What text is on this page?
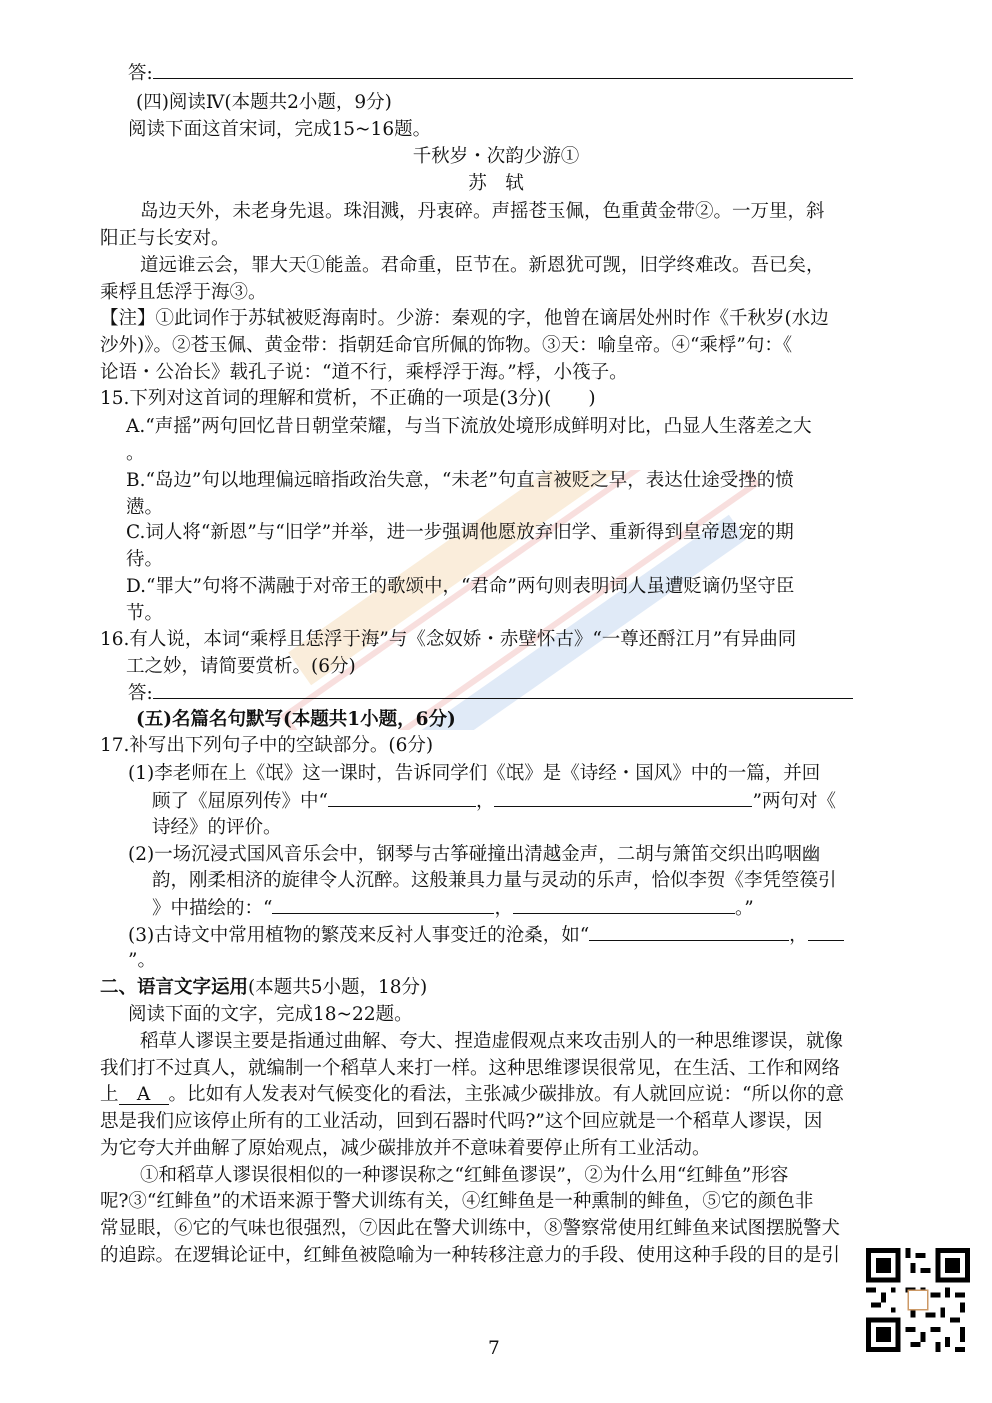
答:
(四)阅读Ⅳ(本题共2小题，9分)
阅读下面这首宋词，完成15~16题。
千秋岁・次韵少游①
苏　轼
岛边天外，未老身先退。珠泪溅，丹衷碎。声摇苍玉佩，色重黄金带②。一万里，斜
阳正与长安对。
道远谁云会，罪大天①能盖。君命重，臣节在。新恩犹可觊，旧学终难改。吾已矣，
乘桴且恁浮于海③。
【注】①此词作于苏轼被贬海南时。少游：秦观的字，他曾在谪居处州时作《千秋岁(水边
沙外)》。②苍玉佩、黄金带：指朝廷命官所佩的饰物。③天：喻皇帝。④“乘桴”句：《
论语・公冶长》载孔子说：“道不行，乘桴浮于海。”桴，小筏子。
15.下列对这首词的理解和赏析，不正确的一项是(3分)(　　)
A.“声摇”两句回忆昔日朝堂荣耀，与当下流放处境形成鲜明对比，凸显人生落差之大
。
B.“岛边”句以地理偏远暗指政治失意，“未老”句直言被贬之早，表达仕途受挫的愤
懑。
C.词人将“新恩”与“旧学”并举，进一步强调他愿放弃旧学、重新得到皇帝恩宠的期
待。
D.“罪大”句将不满融于对帝王的歌颂中，“君命”两句则表明词人虽遭贬谪仍坚守臣
节。
16.有人说，本词“乘桴且恁浮于海”与《念奴娇・赤壁怀古》“一尊还酹江月”有异曲同
工之妙，请简要赏析。(6分)
答:
(五)名篇名句默写(本题共1小题，6分)
17.补写出下列句子中的空缺部分。(6分)
(1)李老师在上《氓》这一课时，告诉同学们《氓》是《诗经・国风》中的一篇，并回
顾了《屈原列传》中“	，	”两句对《
诗经》的评价。
(2)一场沉浸式国风音乐会中，钢琴与古筝碰撞出清越金声，二胡与箫笛交织出呜咽幽
韵，刚柔相济的旋律令人沉醉。这般兼具力量与灵动的乐声，恰似李贺《李凭箜篌引
》中描绘的：“	，	。”
(3)古诗文中常用植物的繁茂来反衬人事变迁的沧桑，如“	，
”。
二、语言文字运用(本题共5小题，18分)
阅读下面的文字，完成18~22题。
稻草人谬误主要是指通过曲解、夸大、捏造虚假观点来攻击别人的一种思维谬误，就像
我们打不过真人，就编制一个稻草人来打一样。这种思维谬误很常见，在生活、工作和网络
上 A 。比如有人发表对气候变化的看法，主张减少碳排放。有人就回应说：“所以你的意
思是我们应该停止所有的工业活动，回到石器时代吗?”这个回应就是一个稻草人谬误，因
为它夸大并曲解了原始观点，减少碳排放并不意味着要停止所有工业活动。
①和稻草人谬误很相似的一种谬误称之“红鲱鱼谬误”，②为什么用“红鲱鱼”形容
呢?③“红鲱鱼”的术语来源于警犬训练有关，④红鲱鱼是一种熏制的鲱鱼，⑤它的颜色非
常显眼，⑥它的气味也很强烈，⑦因此在警犬训练中，⑧警察常使用红鲱鱼来试图摆脱警犬
的追踪。在逻辑论证中，红鲱鱼被隐喻为一种转移注意力的手段、使用这种手段的目的是引
7
